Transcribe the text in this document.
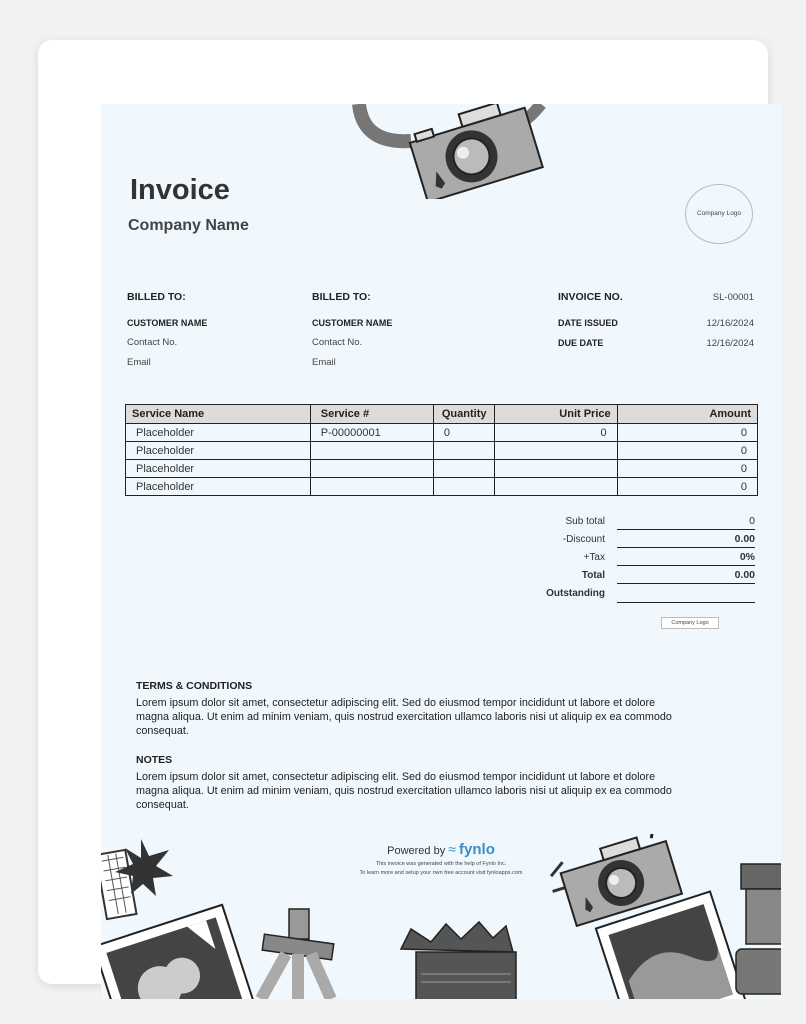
Invoice
Company Name
Company Logo
BILLED TO:
CUSTOMER NAME
Contact No.
Email
BILLED TO:
CUSTOMER NAME
Contact No.
Email
INVOICE NO.	SL-00001
DATE ISSUED	12/16/2024
DUE DATE	12/16/2024
Service Name	Service #	Quantity	Unit Price	Amount
Placeholder	P-00000001	0	0	0
Placeholder				0
Placeholder				0
Placeholder				0
Sub total	0
-Discount	0.00
+Tax	0%
Total	0.00
Outstanding
Company Logo
TERMS & CONDITIONS
Lorem ipsum dolor sit amet, consectetur adipiscing elit. Sed do eiusmod tempor incididunt ut labore et dolore magna aliqua. Ut enim ad minim veniam, quis nostrud exercitation ullamco laboris nisi ut aliquip ex ea commodo consequat.
NOTES
Lorem ipsum dolor sit amet, consectetur adipiscing elit. Sed do eiusmod tempor incididunt ut labore et dolore magna aliqua. Ut enim ad minim veniam, quis nostrud exercitation ullamco laboris nisi ut aliquip ex ea commodo consequat.
Powered by ≈ fynlo
This invoice was generated with the help of Fynlo Inc.
To learn more and setup your own free account visit fynloapps.com
